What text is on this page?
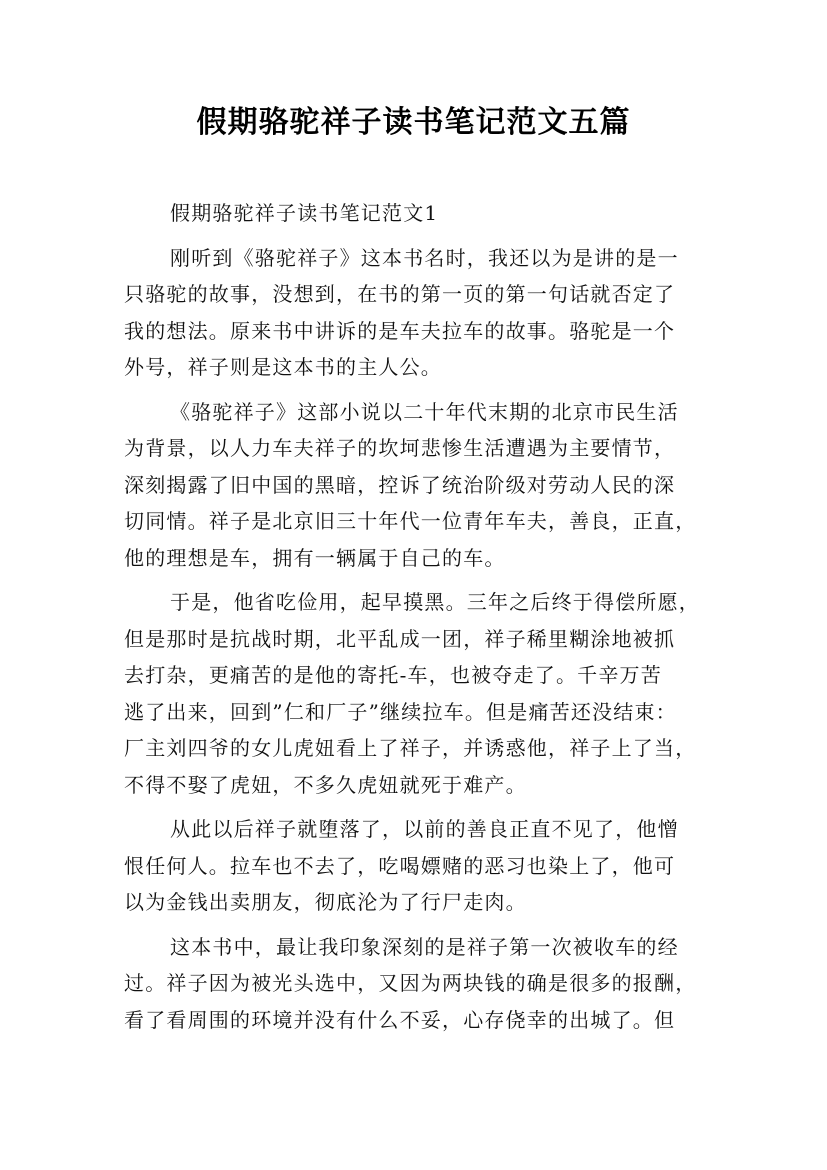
假期骆驼祥子读书笔记范文五篇

假期骆驼祥子读书笔记范文1

刚听到《骆驼祥子》这本书名时，我还以为是讲的是一

只骆驼的故事，没想到，在书的第一页的第一句话就否定了

我的想法。原来书中讲诉的是车夫拉车的故事。骆驼是一个

外号，祥子则是这本书的主人公。

《骆驼祥子》这部小说以二十年代末期的北京市民生活

为背景，以人力车夫祥子的坎坷悲惨生活遭遇为主要情节，

深刻揭露了旧中国的黑暗，控诉了统治阶级对劳动人民的深

切同情。祥子是北京旧三十年代一位青年车夫，善良，正直，

他的理想是车，拥有一辆属于自己的车。

于是，他省吃俭用，起早摸黑。三年之后终于得偿所愿，

但是那时是抗战时期，北平乱成一团，祥子稀里糊涂地被抓

去打杂，更痛苦的是他的寄托-车，也被夺走了。千辛万苦

逃了出来，回到”仁和厂子”继续拉车。但是痛苦还没结束：

厂主刘四爷的女儿虎妞看上了祥子，并诱惑他，祥子上了当，

不得不娶了虎妞，不多久虎妞就死于难产。

从此以后祥子就堕落了，以前的善良正直不见了，他憎

恨任何人。拉车也不去了，吃喝嫖赌的恶习也染上了，他可

以为金钱出卖朋友，彻底沦为了行尸走肉。

这本书中，最让我印象深刻的是祥子第一次被收车的经

过。祥子因为被光头选中，又因为两块钱的确是很多的报酬，

看了看周围的环境并没有什么不妥，心存侥幸的出城了。但
